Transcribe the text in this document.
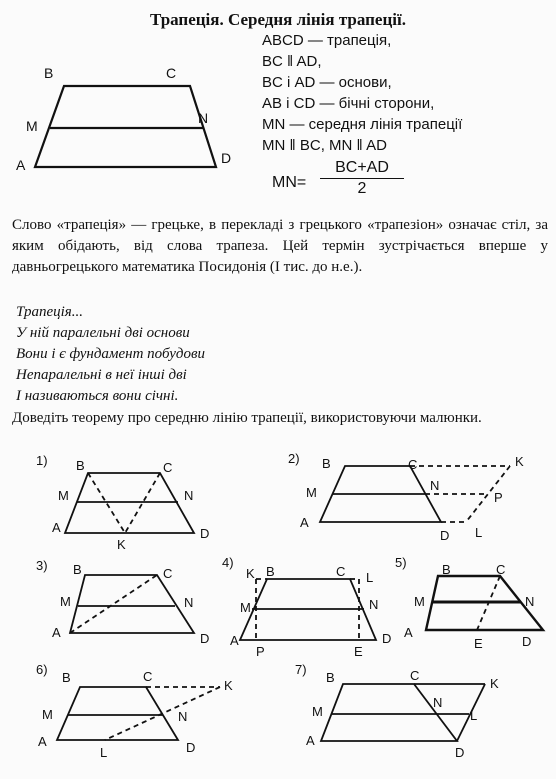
Трапеція. Середня лінія трапеції.
ABCD — трапеція,
BC ǁ AD,
BC і AD — основи,
AB і CD — бічні сторони,
MN — середня лінія трапеції
MN ǁ BC, MN ǁ AD
$MN= \frac{BC+AD}{2}$
Слово «трапеція» — грецьке, в перекладі з грецького «трапезіон» означає стіл, за яким обідають, від слова трапеза. Цей термін зустрічається вперше у давньогрецького математика Посидонія (І тис. до н.е.).
Трапеція...
У ній паралельні дві основи
Вони і є фундамент побудови
Непаралельні в неї інші дві
І називаються вони січні.
Доведіть теорему про середню лінію трапеції, використовуючи малюнки.
B	C
M	N
A	D
1)	2)
3)	4)	5)
6)	7)
B	C
M	N
A
K
D
B	C	K
M	N
P
A
D L
B	C
M	N
A	D
K B	C L
M	N
A
P	E
D
B	C
M	N
A
E	D
B	C
K
M	N
A
L	D
B	C
K
M
N
L
A
D
